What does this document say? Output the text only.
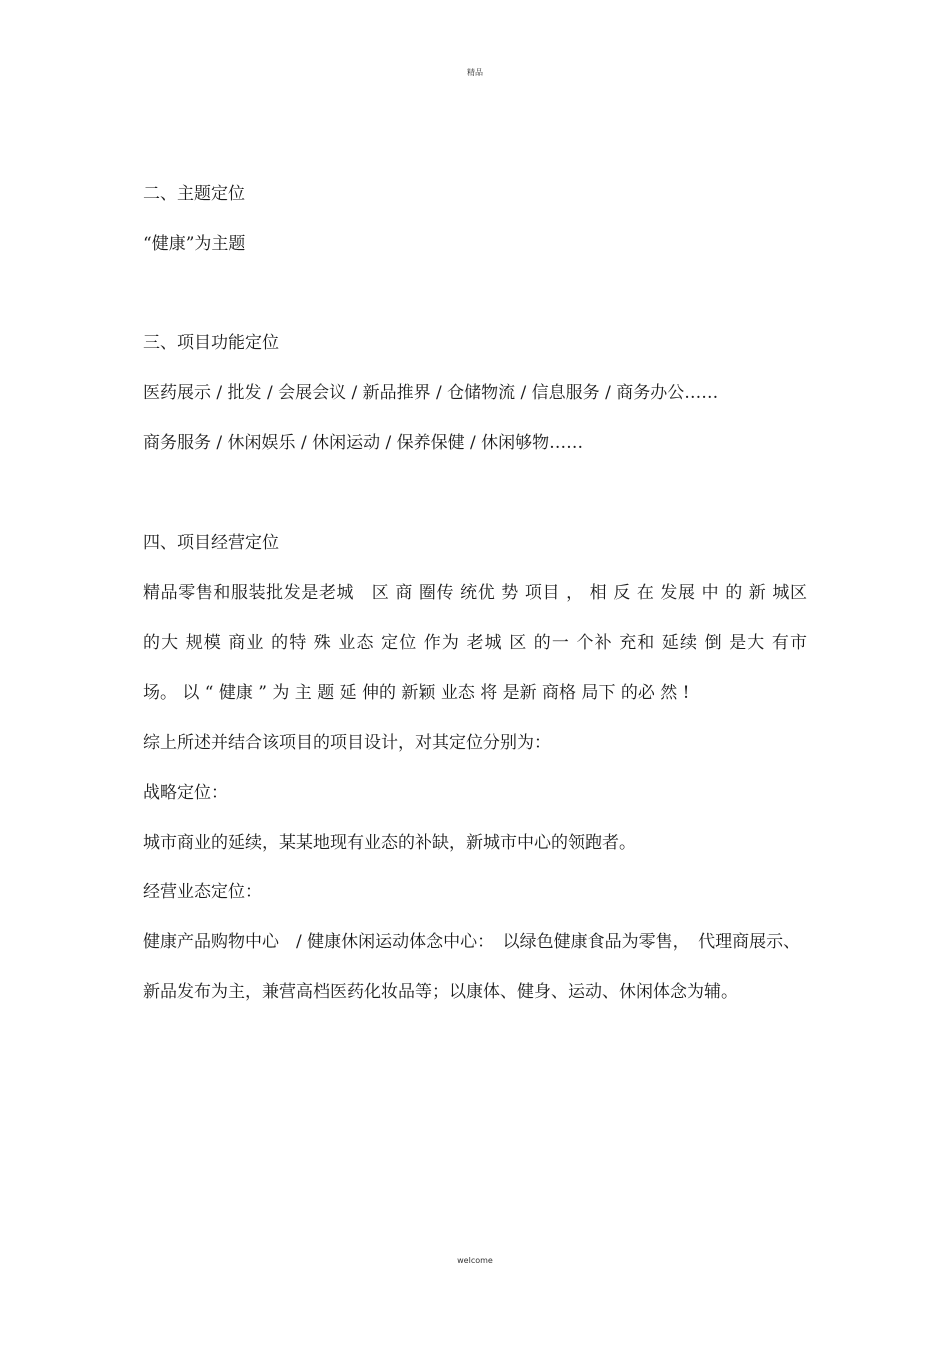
精品
二、主题定位
“健康”为主题
三、项目功能定位
医药展示 / 批发 / 会展会议 / 新品推界 / 仓储物流 / 信息服务 / 商务办公……
商务服务 / 休闲娱乐 / 休闲运动 / 保养保健 / 休闲够物……
四、项目经营定位
精品零售和服装批发是老城　区 商 圈传 统优 势 项目 ， 相 反 在 发展 中 的 新 城区
的大 规模 商业 的特 殊 业态 定位 作为 老城 区 的一 个补 充和 延续 倒 是大 有市
场。 以 “ 健康 ” 为 主 题 延 伸的 新颖 业态 将 是新 商格 局下 的必 然 !
综上所述并结合该项目的项目设计，对其定位分别为：
战略定位：
城市商业的延续，某某地现有业态的补缺，新城市中心的领跑者。
经营业态定位：
健康产品购物中心　/ 健康休闲运动体念中心：　以绿色健康食品为零售，　代理商展示、
新品发布为主，兼营高档医药化妆品等；以康体、健身、运动、休闲体念为辅。
welcome
